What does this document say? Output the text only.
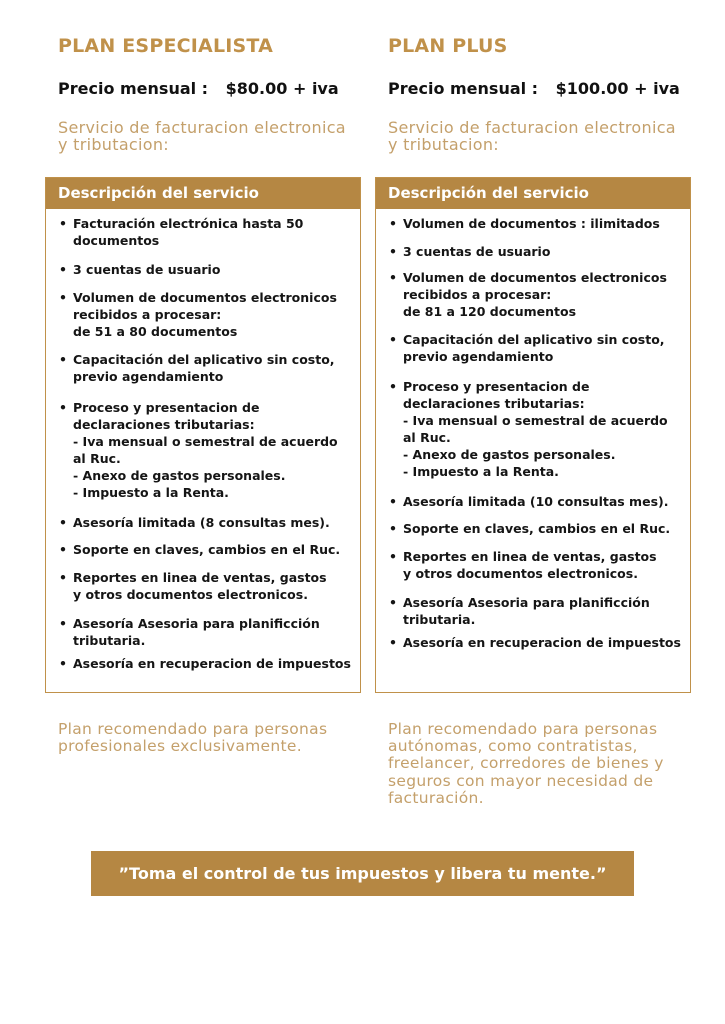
PLAN ESPECIALISTA

Precio mensual : $80.00 + iva

Servicio de facturacion electronica y tributacion:

Descripción del servicio
• Facturación electrónica hasta 50
documentos
• 3 cuentas de usuario
• Volumen de documentos electronicos
recibidos a procesar:
de 51 a 80 documentos
• Capacitación del aplicativo sin costo,
previo agendamiento
• Proceso y presentacion de
declaraciones tributarias:
- Iva mensual o semestral de acuerdo
al Ruc.
- Anexo de gastos personales.
- Impuesto a la Renta.
• Asesoría limitada (8 consultas mes).
• Soporte en claves, cambios en el Ruc.
• Reportes en linea de ventas, gastos
y otros documentos electronicos.
• Asesoría Asesoria para planificción
tributaria.
• Asesoría en recuperacion de impuestos

Plan recomendado para personas profesionales exclusivamente.

PLAN PLUS

Precio mensual : $100.00 + iva

Servicio de facturacion electronica y tributacion:

Descripción del servicio
• Volumen de documentos : ilimitados
• 3 cuentas de usuario
• Volumen de documentos electronicos
recibidos a procesar:
de 81 a 120 documentos
• Capacitación del aplicativo sin costo,
previo agendamiento
• Proceso y presentacion de
declaraciones tributarias:
- Iva mensual o semestral de acuerdo
al Ruc.
- Anexo de gastos personales.
- Impuesto a la Renta.
• Asesoría limitada (10 consultas mes).
• Soporte en claves, cambios en el Ruc.
• Reportes en linea de ventas, gastos
y otros documentos electronicos.
• Asesoría Asesoria para planificción
tributaria.
• Asesoría en recuperacion de impuestos

Plan recomendado para personas autónomas, como contratistas, freelancer, corredores de bienes y seguros con mayor necesidad de facturación.

”Toma el control de tus impuestos y libera tu mente.”
